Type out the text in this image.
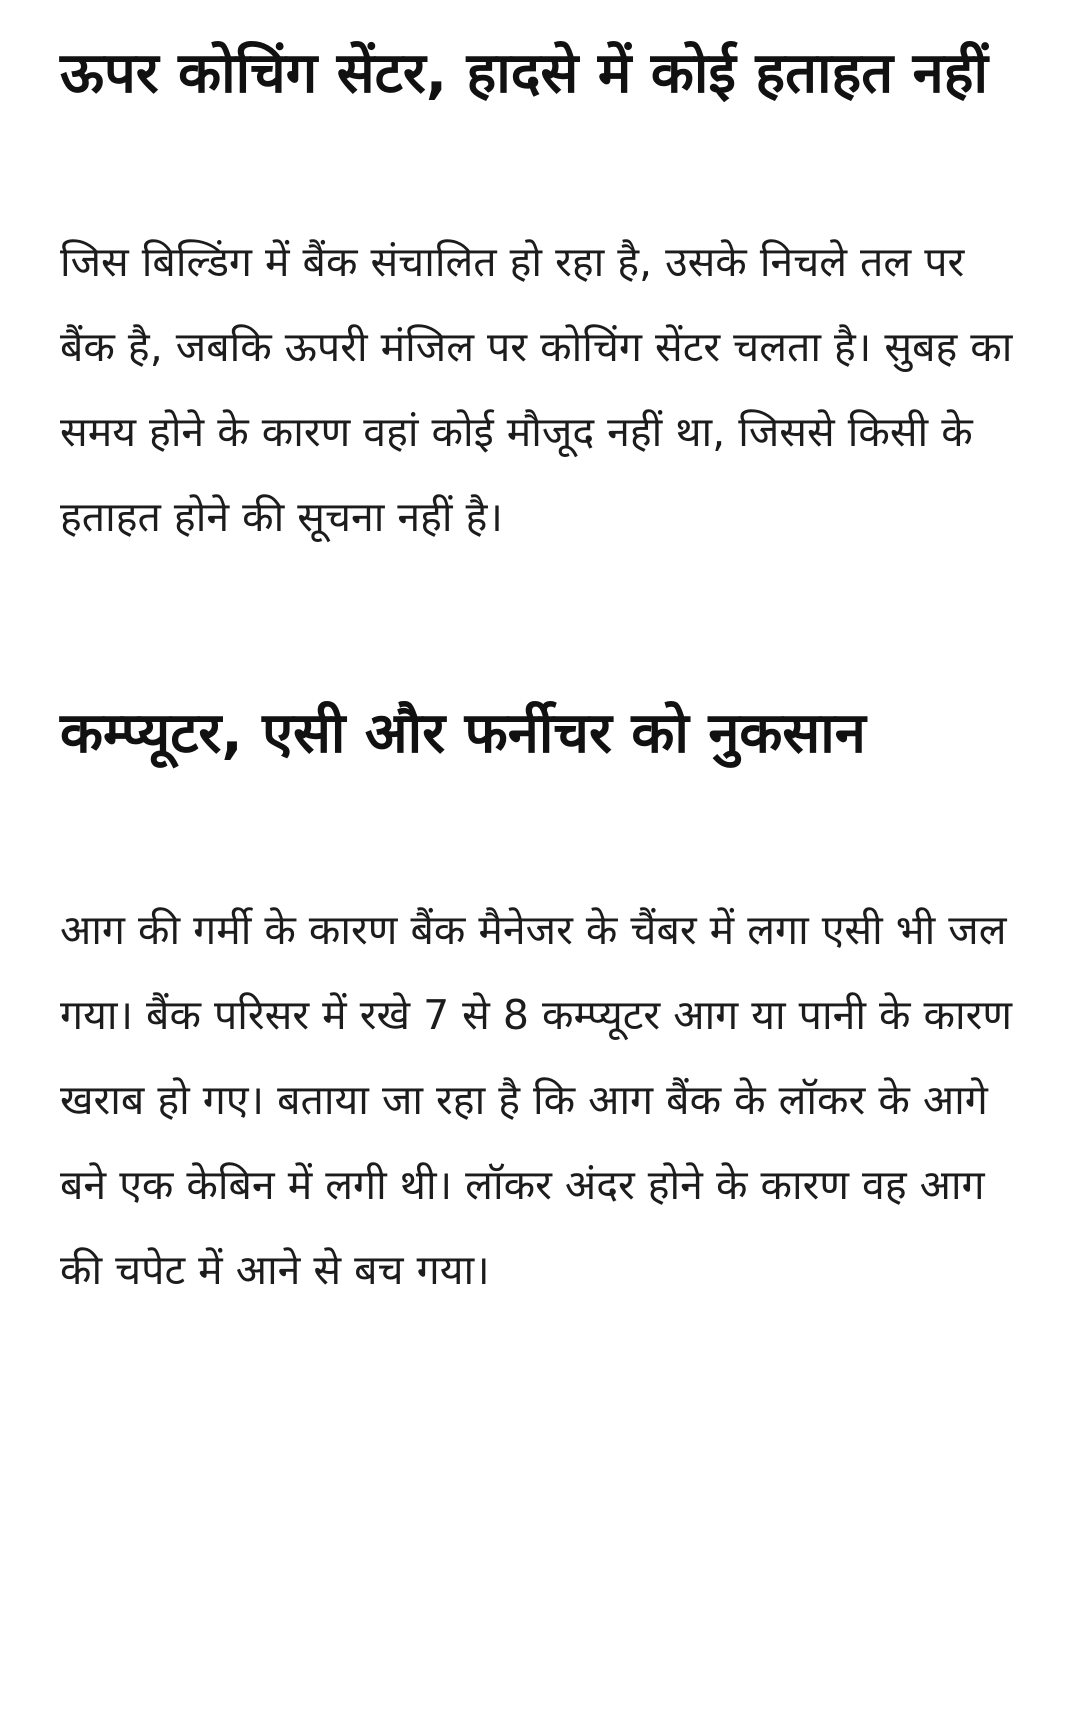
ऊपर कोचिंग सेंटर, हादसे में कोई हताहत नहीं

जिस बिल्डिंग में बैंक संचालित हो रहा है, उसके निचले तल पर बैंक है, जबकि ऊपरी मंजिल पर कोचिंग सेंटर चलता है। सुबह का समय होने के कारण वहां कोई मौजूद नहीं था, जिससे किसी के हताहत होने की सूचना नहीं है।

कम्प्यूटर, एसी और फर्नीचर को नुकसान

आग की गर्मी के कारण बैंक मैनेजर के चैंबर में लगा एसी भी जल गया। बैंक परिसर में रखे 7 से 8 कम्प्यूटर आग या पानी के कारण खराब हो गए। बताया जा रहा है कि आग बैंक के लॉकर के आगे बने एक केबिन में लगी थी। लॉकर अंदर होने के कारण वह आग की चपेट में आने से बच गया।
